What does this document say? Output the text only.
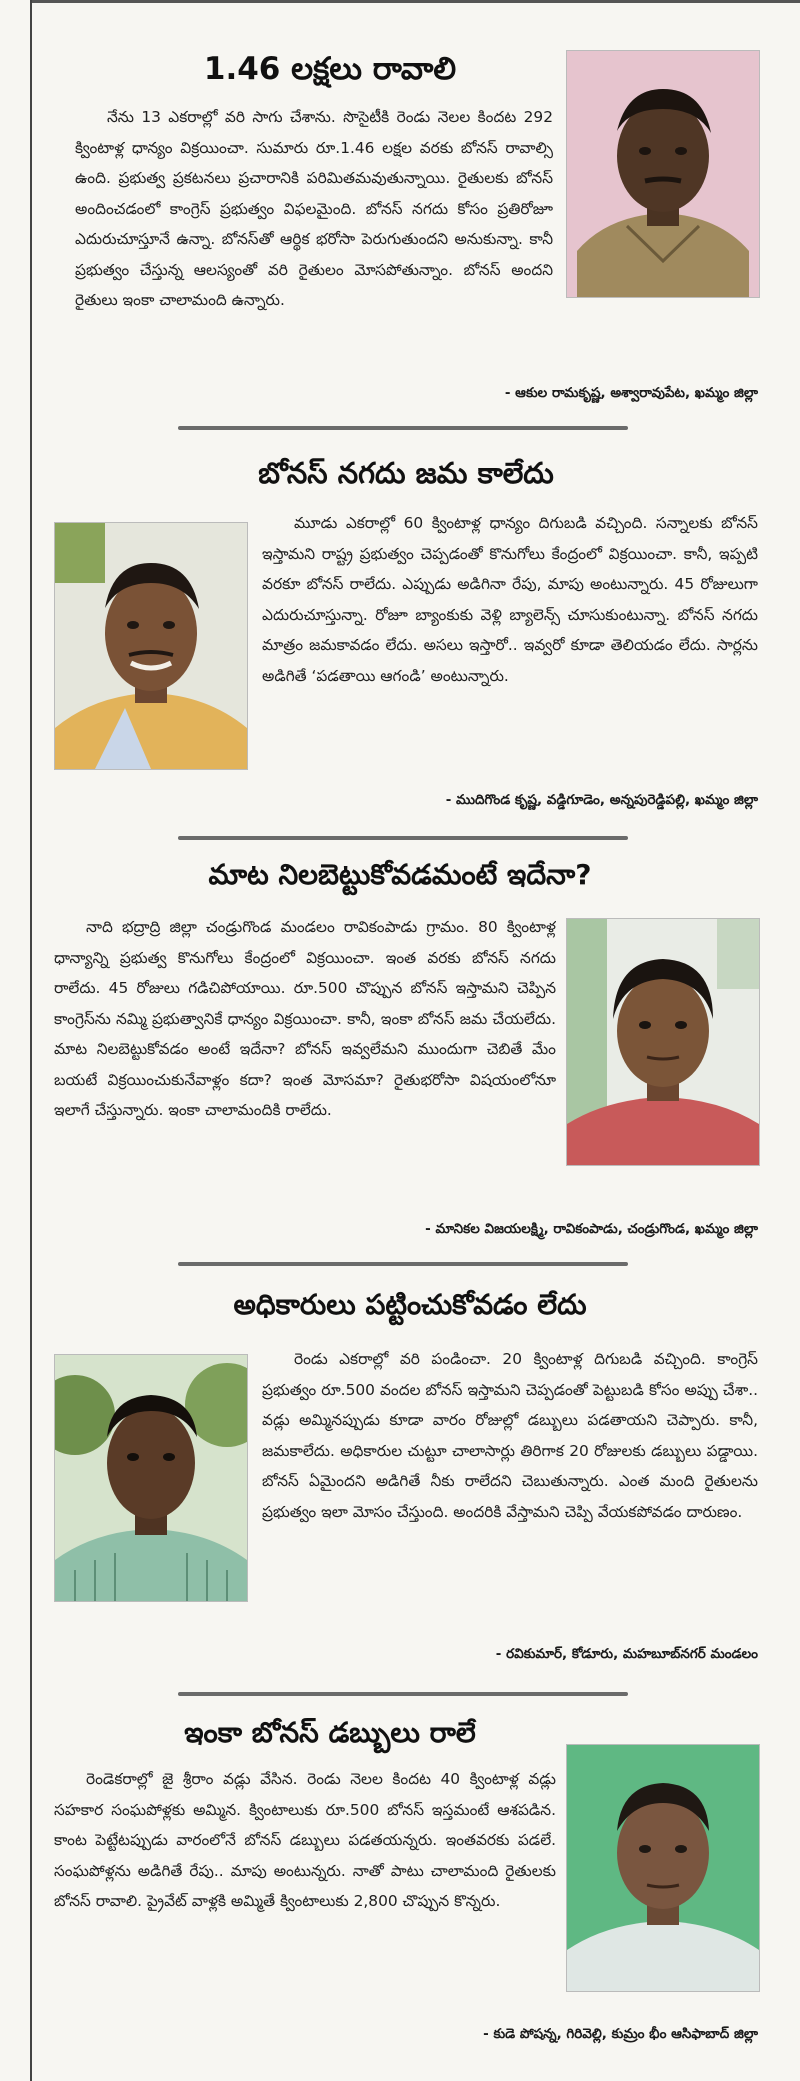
1.46 లక్షలు రావాలి
నేను 13 ఎకరాల్లో వరి సాగు చేశాను. సొసైటీకి రెండు నెలల కిందట 292 క్వింటాళ్ల ధాన్యం విక్రయించా. సుమారు రూ.1.46 లక్షల వరకు బోనస్ రావాల్సి ఉంది. ప్రభుత్వ ప్రకటనలు ప్రచారానికి పరిమితమవుతున్నాయి. రైతులకు బోనస్ అందించడంలో కాంగ్రెస్ ప్రభుత్వం విఫలమైంది. బోనస్ నగదు కోసం ప్రతిరోజూ ఎదురుచూస్తూనే ఉన్నా. బోనస్‌తో ఆర్థిక భరోసా పెరుగుతుందని అనుకున్నా. కానీ ప్రభుత్వం చేస్తున్న ఆలస్యంతో వరి రైతులం మోసపోతున్నాం. బోనస్ అందని రైతులు ఇంకా చాలామంది ఉన్నారు.
- ఆకుల రామకృష్ణ, అశ్వారావుపేట, ఖమ్మం జిల్లా
బోనస్ నగదు జమ కాలేదు
మూడు ఎకరాల్లో 60 క్వింటాళ్ల ధాన్యం దిగుబడి వచ్చింది. సన్నాలకు బోనస్ ఇస్తామని రాష్ట్ర ప్రభుత్వం చెప్పడంతో కొనుగోలు కేంద్రంలో విక్రయించా. కానీ, ఇప్పటి వరకూ బోనస్ రాలేదు. ఎప్పుడు అడిగినా రేపు, మాపు అంటున్నారు. 45 రోజులుగా ఎదురుచూస్తున్నా. రోజూ బ్యాంకుకు వెళ్లి బ్యాలెన్స్ చూసుకుంటున్నా. బోనస్ నగదు మాత్రం జమకావడం లేదు. అసలు ఇస్తారో.. ఇవ్వరో కూడా తెలియడం లేదు. సార్లను అడిగితే ‘పడతాయి ఆగండి’ అంటున్నారు.
- ముదిగొండ కృష్ణ, వడ్డిగూడెం, అన్నపురెడ్డిపల్లి, ఖమ్మం జిల్లా
మాట నిలబెట్టుకోవడమంటే ఇదేనా?
నాది భద్రాద్రి జిల్లా చండ్రుగొండ మండలం రావికంపాడు గ్రామం. 80 క్వింటాళ్ల ధాన్యాన్ని ప్రభుత్వ కొనుగోలు కేంద్రంలో విక్రయించా. ఇంత వరకు బోనస్ నగదు రాలేదు. 45 రోజులు గడిచిపోయాయి. రూ.500 చొప్పున బోనస్ ఇస్తామని చెప్పిన కాంగ్రెస్‌ను నమ్మి ప్రభుత్వానికే ధాన్యం విక్రయించా. కానీ, ఇంకా బోనస్ జమ చేయలేదు. మాట నిలబెట్టుకోవడం అంటే ఇదేనా? బోనస్ ఇవ్వలేమని ముందుగా చెబితే మేం బయటే విక్రయించుకునేవాళ్లం కదా? ఇంత మోసమా? రైతుభరోసా విషయంలోనూ ఇలాగే చేస్తున్నారు. ఇంకా చాలామందికి రాలేదు.
- మానికల విజయలక్ష్మి, రావికంపాడు, చండ్రుగొండ, ఖమ్మం జిల్లా
అధికారులు పట్టించుకోవడం లేదు
రెండు ఎకరాల్లో వరి పండించా. 20 క్వింటాళ్ల దిగుబడి వచ్చింది. కాంగ్రెస్ ప్రభుత్వం రూ.500 వందల బోనస్ ఇస్తామని చెప్పడంతో పెట్టుబడి కోసం అప్పు చేశా.. వడ్లు అమ్మినప్పుడు కూడా వారం రోజుల్లో డబ్బులు పడతాయని చెప్పారు. కానీ, జమకాలేదు. అధికారుల చుట్టూ చాలాసార్లు తిరిగాక 20 రోజులకు డబ్బులు పడ్డాయి. బోనస్ ఏమైందని అడిగితే నీకు రాలేదని చెబుతున్నారు. ఎంత మంది రైతులను ప్రభుత్వం ఇలా మోసం చేస్తుంది. అందరికి వేస్తామని చెప్పి వేయకపోవడం దారుణం.
- రవికుమార్, కోడూరు, మహబూబ్‌నగర్ మండలం
ఇంకా బోనస్ డబ్బులు రాలే
రెండెకరాల్లో జై శ్రీరాం వడ్లు వేసిన. రెండు నెలల కిందట 40 క్వింటాళ్ల వడ్లు సహకార సంఘపోళ్లకు అమ్మిన. క్వింటాలుకు రూ.500 బోనస్ ఇస్తమంటే ఆశపడిన. కాంట పెట్టేటప్పుడు వారంలోనే బోనస్ డబ్బులు పడతయన్నరు. ఇంతవరకు పడలే. సంఘపోళ్లను అడిగితే రేపు.. మాపు అంటున్నరు. నాతో పాటు చాలామంది రైతులకు బోనస్ రావాలి. ప్రైవేట్ వాళ్లకి అమ్మితే క్వింటాలుకు 2,800 చొప్పున కొన్నరు.
- కుడె పోషన్న, గిరివెల్లి, కుమ్రం భీం ఆసిఫాబాద్ జిల్లా
